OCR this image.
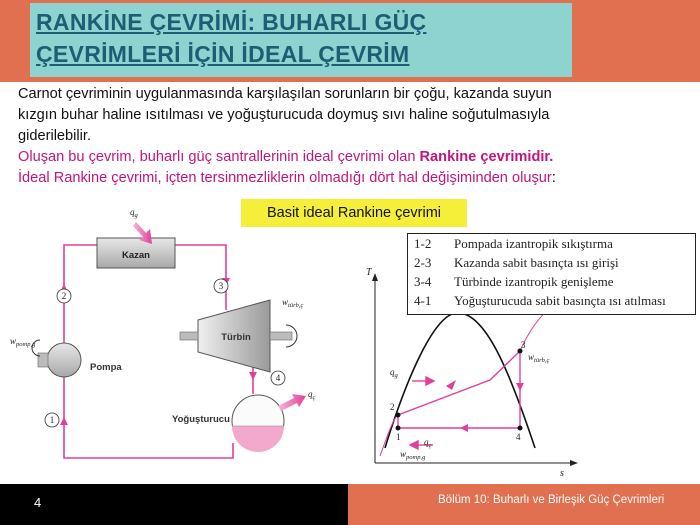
RANKİNE ÇEVRİMİ: BUHARLI GÜÇ
ÇEVRİMLERİ İÇİN İDEAL ÇEVRİM
Carnot çevriminin uygulanmasında karşılaşılan sorunların bir çoğu, kazanda suyun
kızgın buhar haline ısıtılması ve yoğuşturucuda doymuş sıvı haline soğutulmasıyla
giderilebilir.
Oluşan bu çevrim, buharlı güç santrallerinin ideal çevrimi olan Rankine çevrimidir.
İdeal Rankine çevrimi, içten tersinmezliklerin olmadığı dört hal değişiminden oluşur:
Basit ideal Rankine çevrimi
Kazan
$q_g$
Türbin
$w_{türb,ç}$
Yoğuşturucu
$q_ç$
Pompa
$w_{pomp,g}$
2
3
4
1
T
s
1
2
3
4
$q_g$
$q_ç$
$w_{türb,ç}$
$w_{pomp,g}$
1-2 Pompada izantropik sıkıştırma
2-3 Kazanda sabit basınçta ısı girişi
3-4 Türbinde izantropik genişleme
4-1 Yoğuşturucuda sabit basınçta ısı atılması
4	Bölüm 10: Buharlı ve Birleşik Güç Çevrimleri
